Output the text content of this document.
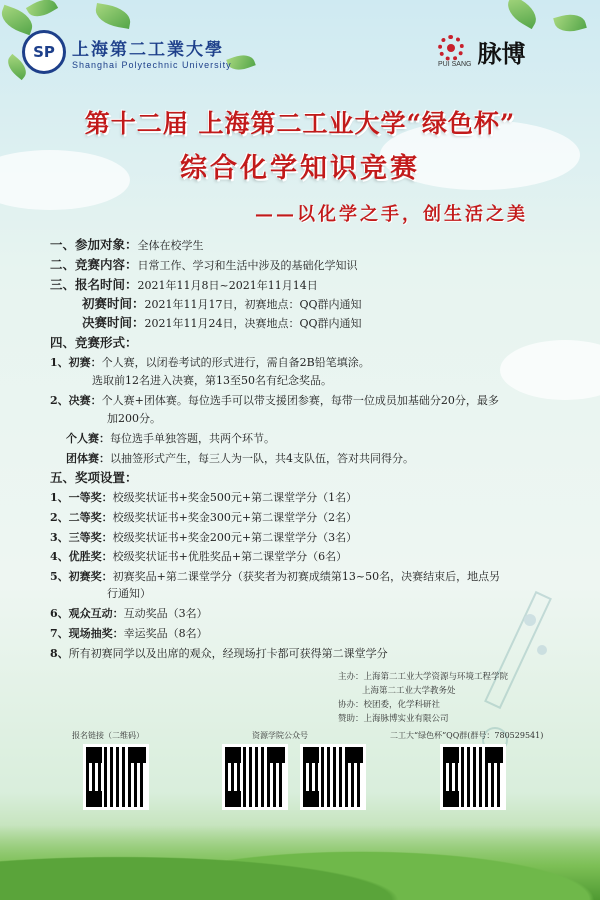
SP	上海第二工業大學
Shanghai Polytechnic University	PUI SANG 脉博
第十二届 上海第二工业大学“绿色杯”
综合化学知识竞赛
——以化学之手，创生活之美
一、参加对象：全体在校学生
二、竞赛内容：日常工作、学习和生活中涉及的基础化学知识
三、报名时间：2021年11月8日~2021年11月14日
初赛时间：2021年11月17日，初赛地点：QQ群内通知
决赛时间：2021年11月24日，决赛地点：QQ群内通知
四、竞赛形式：
1、初赛：个人赛，以闭卷考试的形式进行，需自备2B铅笔填涂。
选取前12名进入决赛，第13至50名有纪念奖品。
2、决赛：个人赛+团体赛。每位选手可以带支援团参赛，每带一位成员加基础分20分，最多
加200分。
个人赛：每位选手单独答题，共两个环节。
团体赛：以抽签形式产生，每三人为一队，共4支队伍，答对共同得分。
五、奖项设置：
1、一等奖：校级奖状证书+奖金500元+第二课堂学分（1名）
2、二等奖：校级奖状证书+奖金300元+第二课堂学分（2名）
3、三等奖：校级奖状证书+奖金200元+第二课堂学分（3名）
4、优胜奖：校级奖状证书+优胜奖品+第二课堂学分（6名）
5、初赛奖：初赛奖品+第二课堂学分（获奖者为初赛成绩第13~50名，决赛结束后，地点另
行通知）
6、观众互动：互动奖品（3名）
7、现场抽奖：幸运奖品（8名）
8、所有初赛同学以及出席的观众，经现场打卡都可获得第二课堂学分
主办：上海第二工业大学资源与环境工程学院
上海第二工业大学教务处
协办：校团委，化学科研社
赞助：上海脉博实业有限公司
报名链接（二维码）	资源学院公众号	二工大“绿色杯”QQ群(群号：780529541)
